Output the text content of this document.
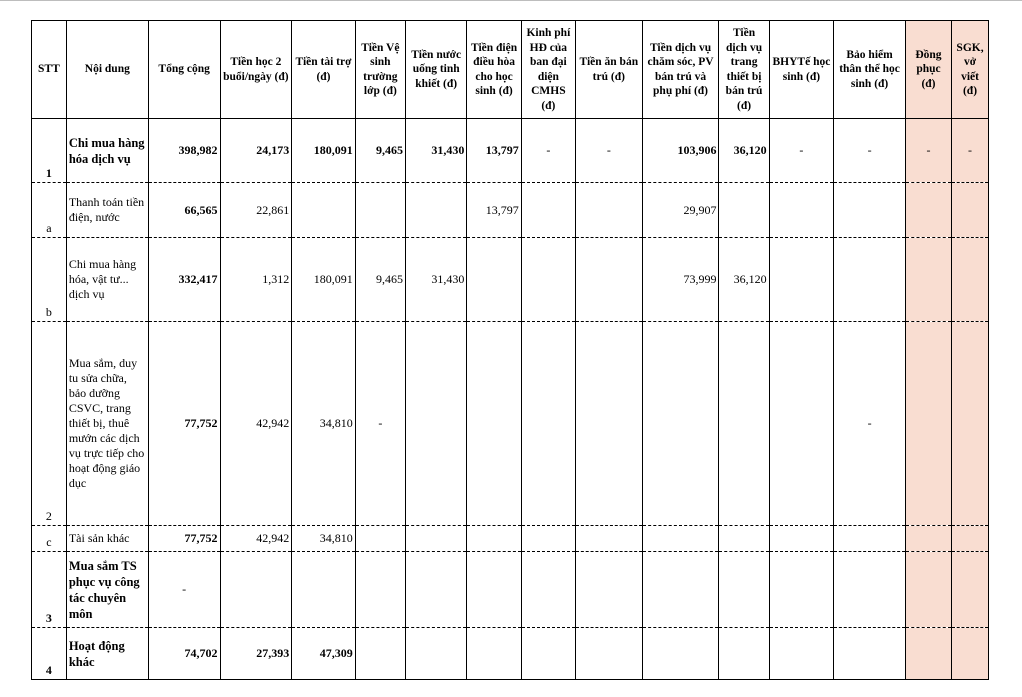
STT	Nội dung	Tổng cộng	Tiền học 2 buổi/ngày (đ)	Tiền tài trợ (đ)	Tiền Vệ sinh trường lớp (đ)	Tiền nước uống tinh khiết (đ)	Tiền điện điều hòa cho học sinh (đ)	Kinh phí HĐ của ban đại diện CMHS (đ)	Tiền ăn bán trú (đ)	Tiền dịch vụ chăm sóc, PV bán trú và phụ phí (đ)	Tiền dịch vụ trang thiết bị bán trú (đ)	BHYTế học sinh (đ)	Bảo hiểm thân thể học sinh (đ)	Đồng phục (đ)	SGK, vở viết (đ)
1	Chi mua hàng hóa dịch vụ	398,982	24,173	180,091	9,465	31,430	13,797	-	-	103,906	36,120	-	-	-	-
a	Thanh toán tiền điện, nước	66,565	22,861				13,797			29,907					
b	Chi mua hàng hóa, vật tư... dịch vụ	332,417	1,312	180,091	9,465	31,430				73,999	36,120				
2	Mua sắm, duy tu sửa chữa, bảo dưỡng CSVC, trang thiết bị, thuê mướn các dịch vụ trực tiếp cho hoạt động giáo dục	77,752	42,942	34,810	-								-		
c	Tài sản khác	77,752	42,942	34,810											
3	Mua sắm TS phục vụ công tác chuyên môn	-													
4	Hoạt động khác	74,702	27,393	47,309											
